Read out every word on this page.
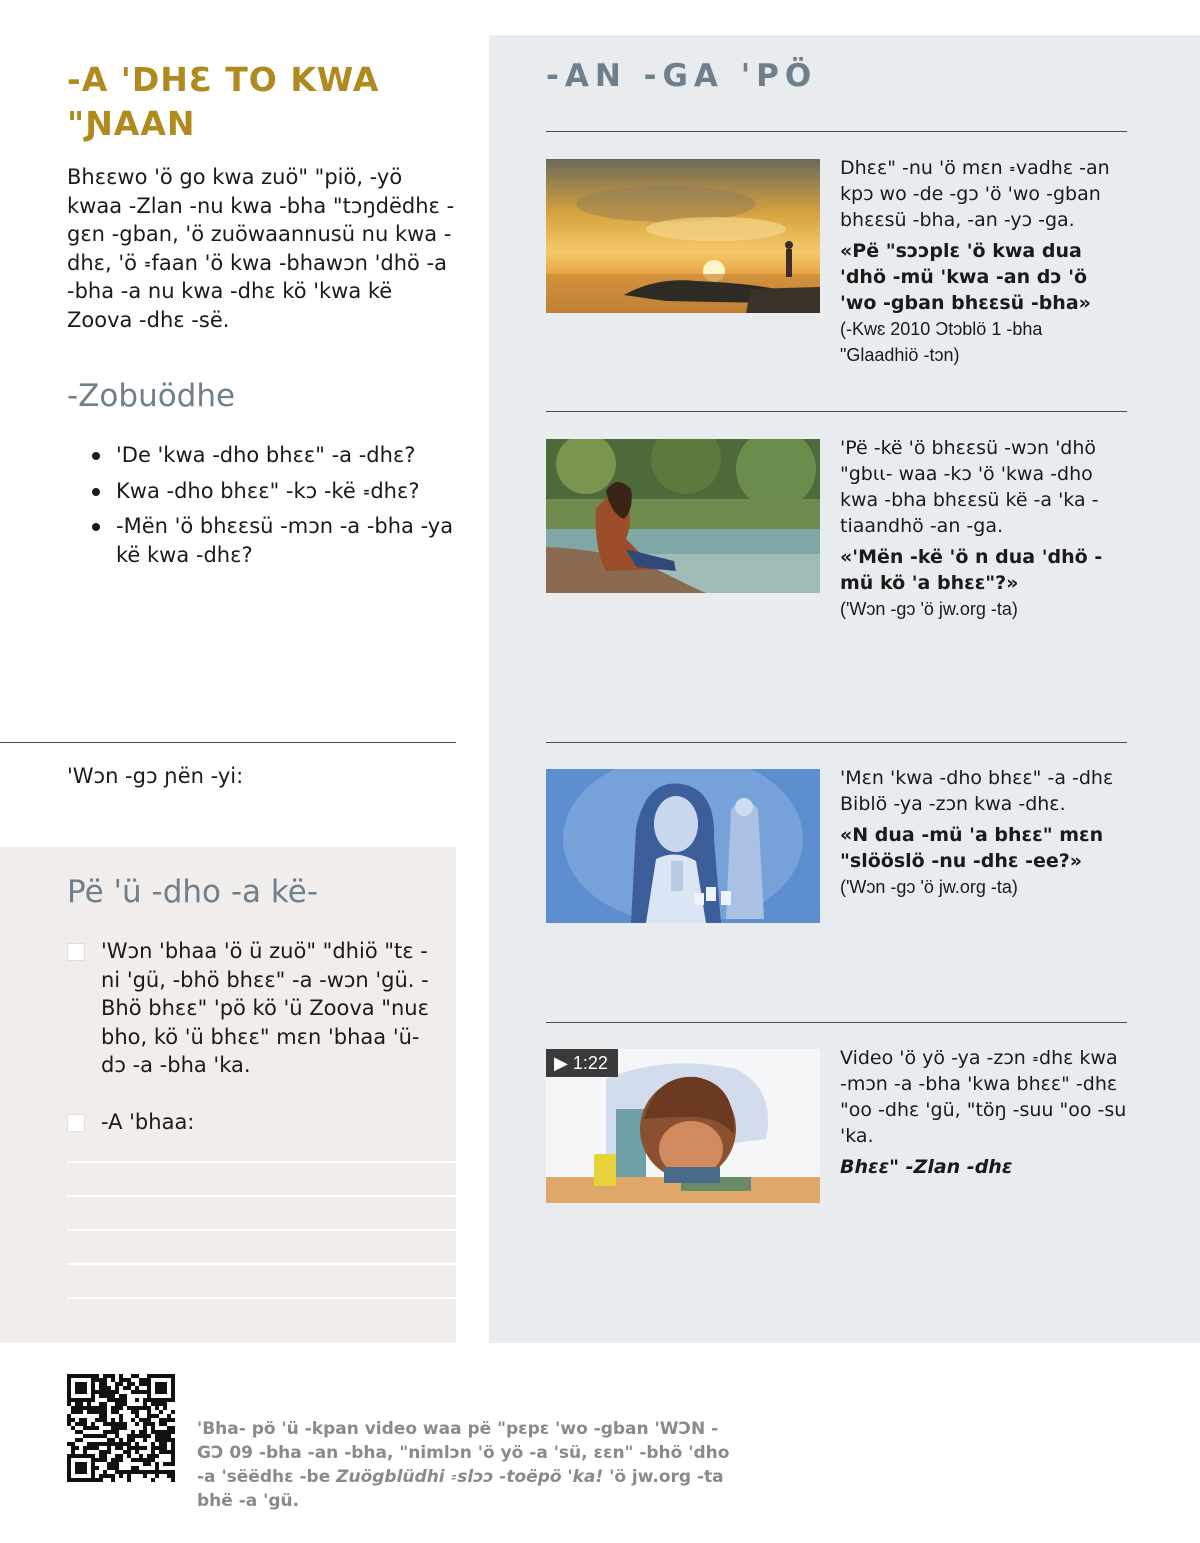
-A 'DHƐ TO KWA "ƝAAN

Bhɛɛwo 'ö go kwa zuö" "piö, -yö kwaa -Zlan -nu kwa -bha "tɔŋdëdhɛ -gɛn -gban, 'ö zuöwaannusü nu kwa -dhɛ, 'ö ꞊faan 'ö kwa -bhawɔn 'dhö -a -bha -a nu kwa -dhɛ kö 'kwa kë Zoova -dhɛ -së.

-Zobuödhe
'De 'kwa -dho bhɛɛ" -a -dhɛ?
Kwa -dho bhɛɛ" -kɔ -kë ꞊dhɛ?
-Mën 'ö bhɛɛsü -mɔn -a -bha -ya kë kwa -dhɛ?

'Wɔn -gɔ ɲën -yi:

Pë 'ü -dho -a kë-
'Wɔn 'bhaa 'ö ü zuö" "dhiö "tɛ -ni 'gü, -bhö bhɛɛ" -a -wɔn 'gü. -Bhö bhɛɛ" 'pö kö 'ü Zoova "nuɛ bho, kö 'ü bhɛɛ" mɛn 'bhaa 'ü- dɔ -a -bha 'ka.
-A 'bhaa:
-AN -GA 'PÖ

Dhɛɛ" -nu 'ö mɛn ꞊vadhɛ -an kpɔ wo -de -gɔ 'ö 'wo -gban bhɛɛsü -bha, -an -yɔ -ga.

«Pë "sɔɔplɛ 'ö kwa dua 'dhö -mü 'kwa -an dɔ 'ö 'wo -gban bhɛɛsü -bha»

(-Kwɛ 2010 Ɔtɔblö 1 -bha

"Glaadhiö -tɔn)

'Pë -kë 'ö bhɛɛsü -wɔn 'dhö "gbɩɩ- waa -kɔ 'ö 'kwa -dho kwa -bha bhɛɛsü kë -a 'ka -tiaandhö -an -ga.

«'Mën -kë 'ö n dua 'dhö -mü kö 'a bhɛɛ"?»

('Wɔn -gɔ 'ö jw.org -ta)

'Mɛn 'kwa -dho bhɛɛ" -a -dhɛ Biblö -ya -zɔn kwa -dhɛ.

«N dua -mü 'a bhɛɛ" mɛn "slööslö -nu -dhɛ -ee?»

('Wɔn -gɔ 'ö jw.org -ta)

▶ 1:22	Video 'ö yö -ya -zɔn ꞊dhɛ kwa -mɔn -a -bha 'kwa bhɛɛ" -dhɛ "oo -dhɛ 'gü, "töŋ -suu "oo -su 'ka.

Bhɛɛ" -Zlan -dhɛ

'Bha- pö 'ü -kpan video waa pë "pɛpɛ 'wo -gban 'WƆN -GƆ 09 -bha -an -bha, "nimlɔn 'ö yö -a 'sü, ɛɛn" -bhö 'dho -a 'sëëdhɛ -be Zuögblüdhi ꞊slɔɔ -toëpö 'ka! 'ö jw.org -ta bhë -a 'gü.
